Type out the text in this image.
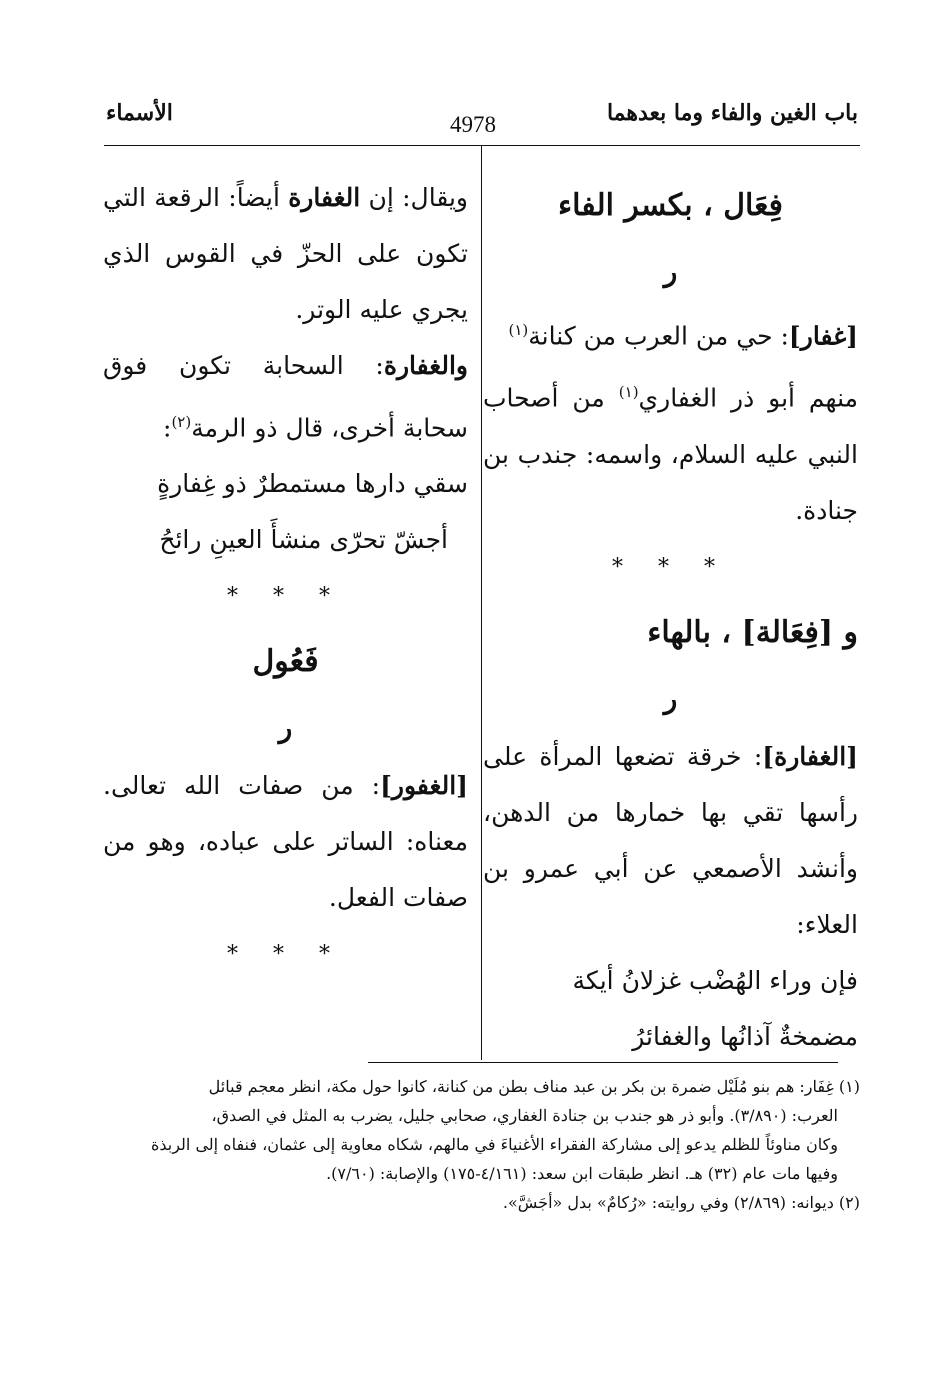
باب الغين والفاء وما بعدهما
4978
الأسماء

فِعَال ، بكسر الفاء

ر

[غفار]: حي من العرب من كنانة$^{(١)}$

منهم أبو ذر الغفاري$^{(١)}$ من أصحاب النبي عليه السلام، واسمه: جندب بن جنادة.

* * *

و [فِعَالة] ، بالهاء

ر

[الغفارة]: خرقة تضعها المرأة على رأسها تقي بها خمارها من الدهن، وأنشد الأصمعي عن أبي عمرو بن العلاء:

فإن وراء الهُضْب غزلانُ أيكة

مضمخةٌ آذانُها والغفائرُ

ويقال: إن الغفارة أيضاً: الرقعة التي تكون على الحزّ في القوس الذي يجري عليه الوتر.

والغفارة: السحابة تكون فوق سحابة أخرى، قال ذو الرمة$^{(٢)}$:

سقي دارها مستمطرٌ ذو غِفارةٍ

أجشّ تحرّى منشأَ العينِ رائحُ

* * *

فَعُول

ر

[الغفور]: من صفات الله تعالى. معناه: الساتر على عباده، وهو من صفات الفعل.

* * *

(١) غِفَار: هم بنو مُلَيْل ضمرة بن بكر بن عبد مناف بطن من كنانة، كانوا حول مكة، انظر معجم قبائل

العرب: (٣/٨٩٠). وأبو ذر هو جندب بن جنادة الغفاري، صحابي جليل، يضرب به المثل في الصدق،

وكان مناوئاً للظلم يدعو إلى مشاركة الفقراء الأغنياءَ في مالهم، شكاه معاوية إلى عثمان، فنفاه إلى الربذة

وفيها مات عام (٣٢) هـ. انظر طبقات ابن سعد: (٤/١٦١-١٧٥) والإصابة: (٧/٦٠).

(٢) ديوانه: (٢/٨٦٩) وفي روايته: «رُكامٌ» بدل «أجَشَّ».
